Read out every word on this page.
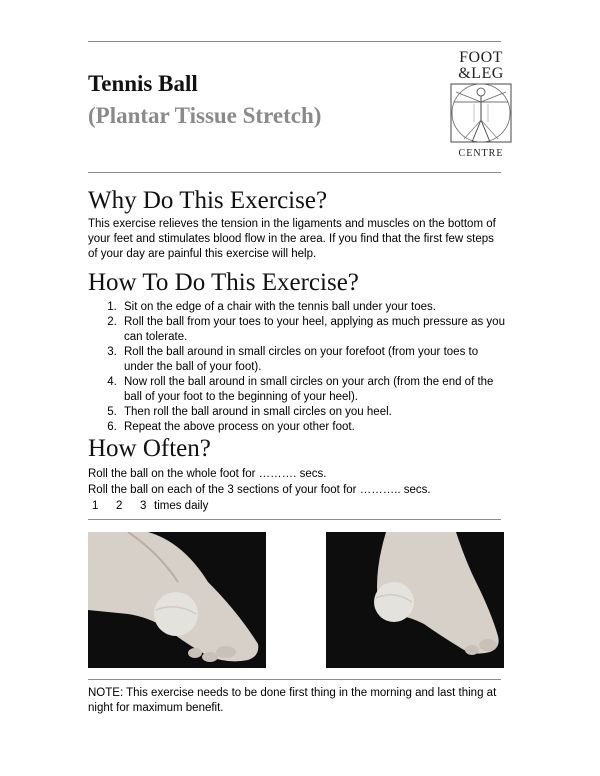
Tennis Ball
(Plantar Tissue Stretch)
FOOT
&LEG
CENTRE
Why Do This Exercise?

This exercise relieves the tension in the ligaments and muscles on the bottom of

your feet and stimulates blood flow in the area. If you find that the first few steps

of your day are painful this exercise will help.

How To Do This Exercise?
1. Sit on the edge of a chair with the tennis ball under your toes.
2. Roll the ball from your toes to your heel, applying as much pressure as you can tolerate.
3. Roll the ball around in small circles on your forefoot (from your toes to under the ball of your foot).
4. Now roll the ball around in small circles on your arch (from the end of the ball of your foot to the beginning of your heel).
5. Then roll the ball around in small circles on you heel.
6. Repeat the above process on your other foot.
How Often?
Roll the ball on the whole foot for ………. secs.
Roll the ball on each of the 3 sections of your foot for ……….. secs.
1 2 3 times daily
NOTE: This exercise needs to be done first thing in the morning and last thing at
night for maximum benefit.
